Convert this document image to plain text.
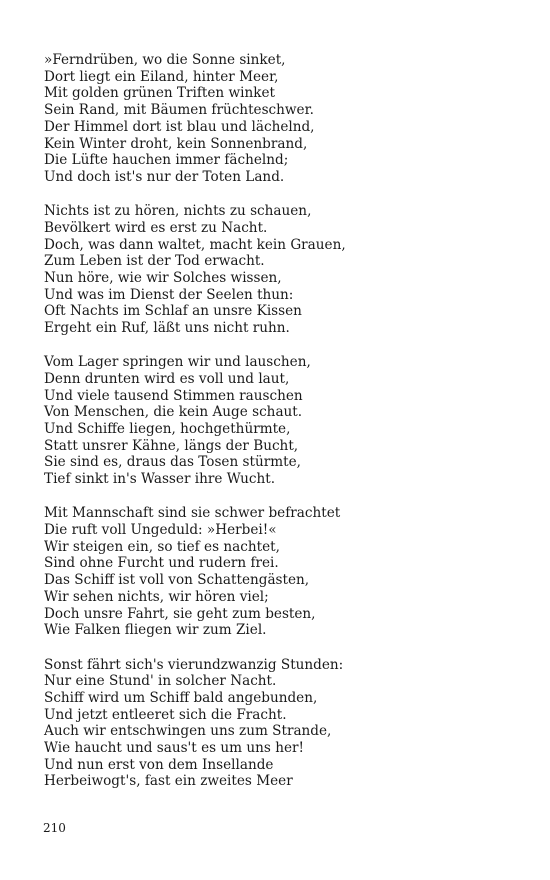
»Ferndrüben, wo die Sonne sinket,
Dort liegt ein Eiland, hinter Meer,
Mit golden grünen Triften winket
Sein Rand, mit Bäumen früchteschwer.
Der Himmel dort ist blau und lächelnd,
Kein Winter droht, kein Sonnenbrand,
Die Lüfte hauchen immer fächelnd;
Und doch ist's nur der Toten Land.
Nichts ist zu hören, nichts zu schauen,
Bevölkert wird es erst zu Nacht.
Doch, was dann waltet, macht kein Grauen,
Zum Leben ist der Tod erwacht.
Nun höre, wie wir Solches wissen,
Und was im Dienst der Seelen thun:
Oft Nachts im Schlaf an unsre Kissen
Ergeht ein Ruf, läßt uns nicht ruhn.
Vom Lager springen wir und lauschen,
Denn drunten wird es voll und laut,
Und viele tausend Stimmen rauschen
Von Menschen, die kein Auge schaut.
Und Schiffe liegen, hochgethürmte,
Statt unsrer Kähne, längs der Bucht,
Sie sind es, draus das Tosen stürmte,
Tief sinkt in's Wasser ihre Wucht.
Mit Mannschaft sind sie schwer befrachtet
Die ruft voll Ungeduld: »Herbei!«
Wir steigen ein, so tief es nachtet,
Sind ohne Furcht und rudern frei.
Das Schiff ist voll von Schattengästen,
Wir sehen nichts, wir hören viel;
Doch unsre Fahrt, sie geht zum besten,
Wie Falken fliegen wir zum Ziel.
Sonst fährt sich's vierundzwanzig Stunden:
Nur eine Stund' in solcher Nacht.
Schiff wird um Schiff bald angebunden,
Und jetzt entleeret sich die Fracht.
Auch wir entschwingen uns zum Strande,
Wie haucht und saus't es um uns her!
Und nun erst von dem Insellande
Herbeiwogt's, fast ein zweites Meer
210
